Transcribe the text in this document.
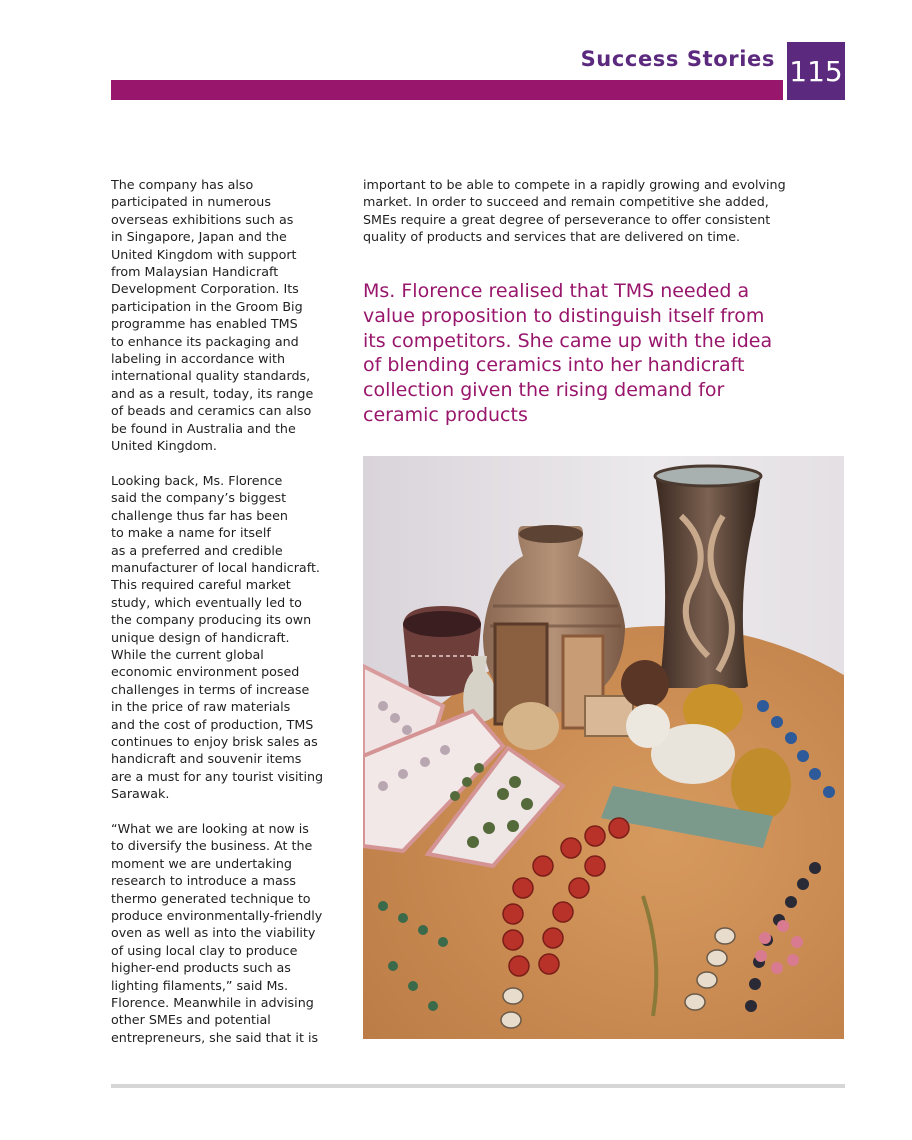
Success Stories 115

The company has also
participated in numerous
overseas exhibitions such as
in Singapore, Japan and the
United Kingdom with support
from Malaysian Handicraft
Development Corporation. Its
participation in the Groom Big
programme has enabled TMS
to enhance its packaging and
labeling in accordance with
international quality standards,
and as a result, today, its range
of beads and ceramics can also
be found in Australia and the
United Kingdom.

Looking back, Ms. Florence
said the company’s biggest
challenge thus far has been
to make a name for itself
as a preferred and credible
manufacturer of local handicraft.
This required careful market
study, which eventually led to
the company producing its own
unique design of handicraft.
While the current global
economic environment posed
challenges in terms of increase
in the price of raw materials
and the cost of production, TMS
continues to enjoy brisk sales as
handicraft and souvenir items
are a must for any tourist visiting
Sarawak.

“What we are looking at now is
to diversify the business. At the
moment we are undertaking
research to introduce a mass
thermo generated technique to
produce environmentally-friendly
oven as well as into the viability
of using local clay to produce
higher-end products such as
lighting filaments,” said Ms.
Florence. Meanwhile in advising
other SMEs and potential
entrepreneurs, she said that it is

important to be able to compete in a rapidly growing and evolving
market. In order to succeed and remain competitive she added,
SMEs require a great degree of perseverance to offer consistent
quality of products and services that are delivered on time.

Ms. Florence realised that TMS needed a
value proposition to distinguish itself from
its competitors. She came up with the idea
of blending ceramics into her handicraft
collection given the rising demand for
ceramic products
